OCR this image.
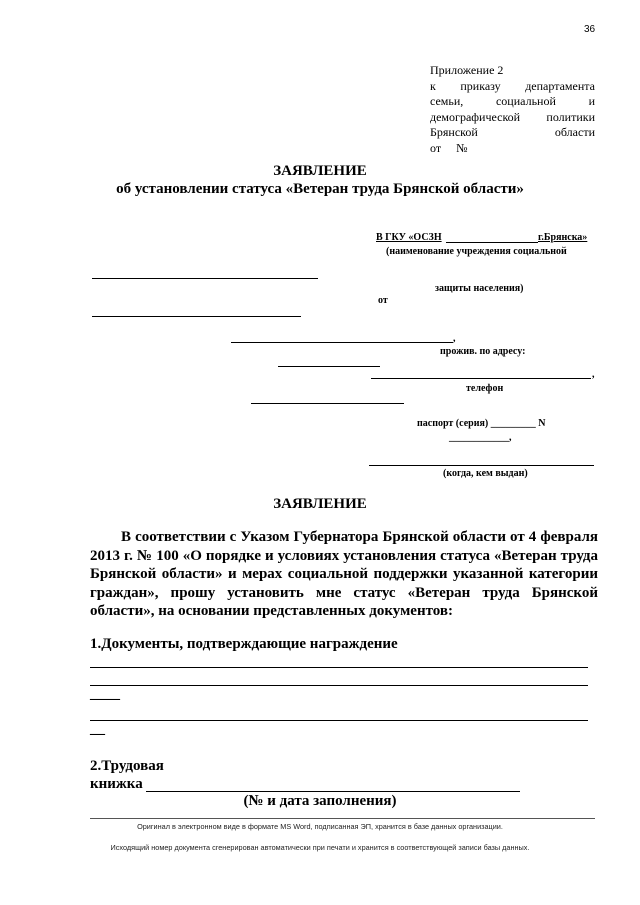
36
Приложение 2
к приказу департамента
семьи,	социальной	и
демографической политики
Брянской	области
от     №
ЗАЯВЛЕНИЕ
об установлении статуса «Ветеран труда Брянской области»
В ГКУ «ОСЗН	г.Брянска»
(наименование учреждения социальной
защиты населения)
от
,
прожив. по адресу:
,
телефон
паспорт (серия) _________ N
____________,
(когда, кем выдан)
ЗАЯВЛЕНИЕ
В соответствии с Указом Губернатора Брянской области от 4 февраля 2013 г. № 100 «О порядке и условиях установления статуса «Ветеран труда Брянской области» и мерах социальной поддержки указанной категории граждан», прошу установить мне статус «Ветеран труда Брянской области», на основании представленных документов:
1.Документы, подтверждающие награждение
____
__
2.Трудовая
книжка
(№ и дата заполнения)
Оригинал в электронном виде в формате MS Word, подписанная ЭП, хранится в базе данных организации.
Исходящий номер документа сгенерирован автоматически при печати и хранится в соответствующей записи базы данных.
